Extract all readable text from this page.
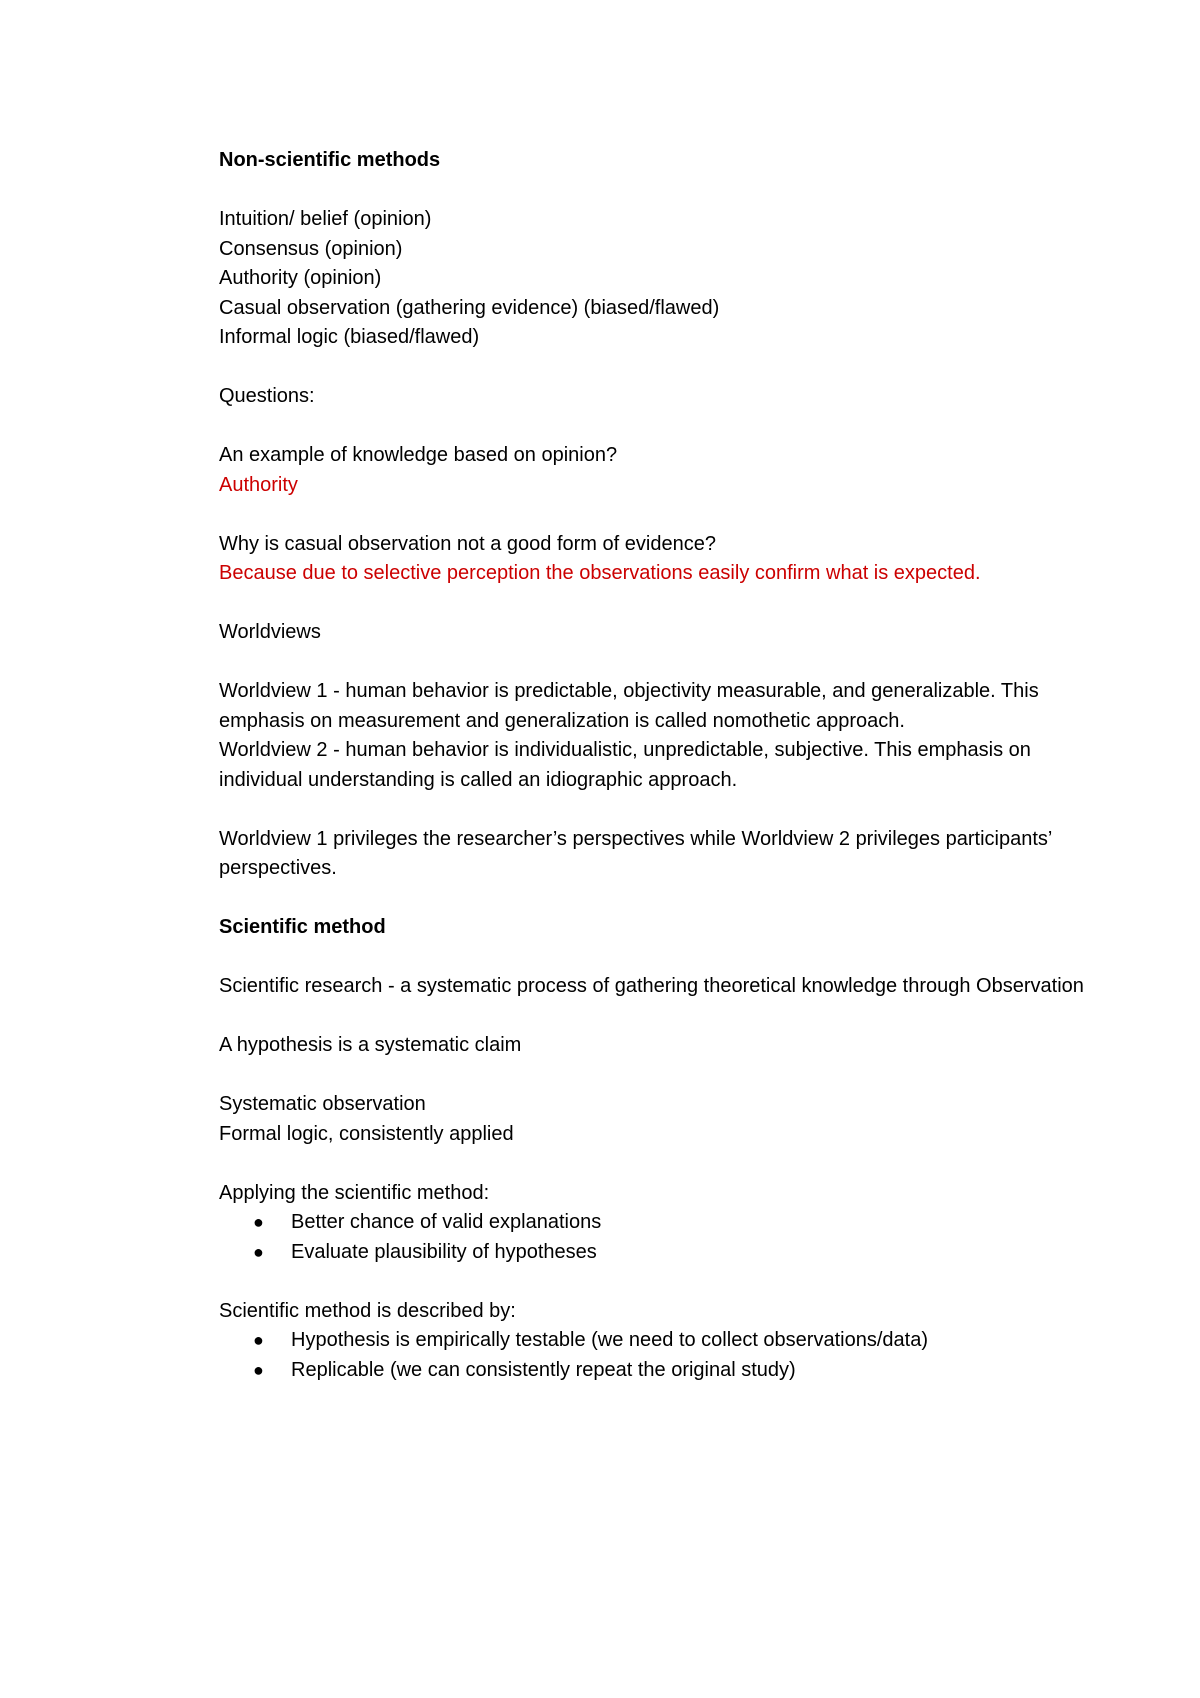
Non-scientific methods
Intuition/ belief (opinion)
Consensus (opinion)
Authority (opinion)
Casual observation (gathering evidence) (biased/flawed)
Informal logic (biased/flawed)
Questions:
An example of knowledge based on opinion?
Authority
Why is casual observation not a good form of evidence?
Because due to selective perception the observations easily confirm what is expected.
Worldviews
Worldview 1 - human behavior is predictable, objectivity measurable, and generalizable. This emphasis on measurement and generalization is called nomothetic approach.
Worldview 2 - human behavior is individualistic, unpredictable, subjective. This emphasis on individual understanding is called an idiographic approach.
Worldview 1 privileges the researcher’s perspectives while Worldview 2 privileges participants’ perspectives.
Scientific method
Scientific research - a systematic process of gathering theoretical knowledge through Observation
A hypothesis is a systematic claim
Systematic observation
Formal logic, consistently applied
Applying the scientific method:
● Better chance of valid explanations
● Evaluate plausibility of hypotheses
Scientific method is described by:
● Hypothesis is empirically testable (we need to collect observations/data)
● Replicable (we can consistently repeat the original study)
